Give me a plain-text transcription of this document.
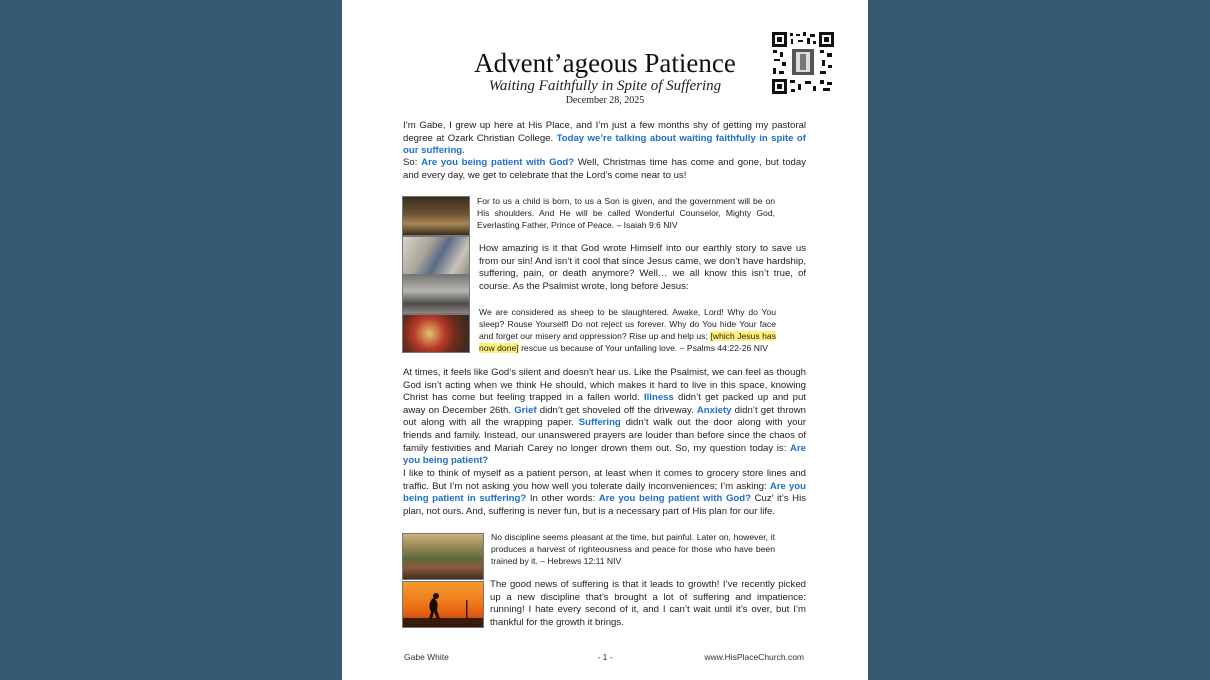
Advent’ageous Patience
Waiting Faithfully in Spite of Suffering
December 28, 2025
I’m Gabe, I grew up here at His Place, and I’m just a few months shy of getting my pastoral degree at Ozark Christian College. Today we’re talking about waiting faithfully in spite of our suffering.
So: Are you being patient with God? Well, Christmas time has come and gone, but today and every day, we get to celebrate that the Lord’s come near to us!
For to us a child is born, to us a Son is given, and the government will be on His shoulders. And He will be called Wonderful Counselor, Mighty God, Everlasting Father, Prince of Peace. – Isaiah 9:6 NIV
How amazing is it that God wrote Himself into our earthly story to save us from our sin! And isn’t it cool that since Jesus came, we don’t have hardship, suffering, pain, or death anymore? Well… we all know this isn’t true, of course. As the Psalmist wrote, long before Jesus:
We are considered as sheep to be slaughtered. Awake, Lord! Why do You sleep? Rouse Yourself! Do not reject us forever. Why do You hide Your face and forget our misery and oppression? Rise up and help us; [which Jesus has now done] rescue us because of Your unfailing love. – Psalms 44:22-26 NIV
At times, it feels like God’s silent and doesn't hear us. Like the Psalmist, we can feel as though God isn’t acting when we think He should, which makes it hard to live in this space, knowing Christ has come but feeling trapped in a fallen world. Illness didn’t get packed up and put away on December 26th. Grief didn’t get shoveled off the driveway. Anxiety didn’t get thrown out along with all the wrapping paper. Suffering didn’t walk out the door along with your friends and family. Instead, our unanswered prayers are louder than before since the chaos of family festivities and Mariah Carey no longer drown them out. So, my question today is: Are you being patient?
I like to think of myself as a patient person, at least when it comes to grocery store lines and traffic. But I’m not asking you how well you tolerate daily inconveniences; I’m asking: Are you being patient in suffering? In other words: Are you being patient with God? Cuz’ it’s His plan, not ours. And, suffering is never fun, but is a necessary part of His plan for our life.
No discipline seems pleasant at the time, but painful. Later on, however, it produces a harvest of righteousness and peace for those who have been trained by it. – Hebrews 12:11 NIV
The good news of suffering is that it leads to growth! I’ve recently picked up a new discipline that’s brought a lot of suffering and impatience: running! I hate every second of it, and I can’t wait until it’s over, but I’m thankful for the growth it brings.
Gabe White	- 1 -	www.HisPlaceChurch.com
